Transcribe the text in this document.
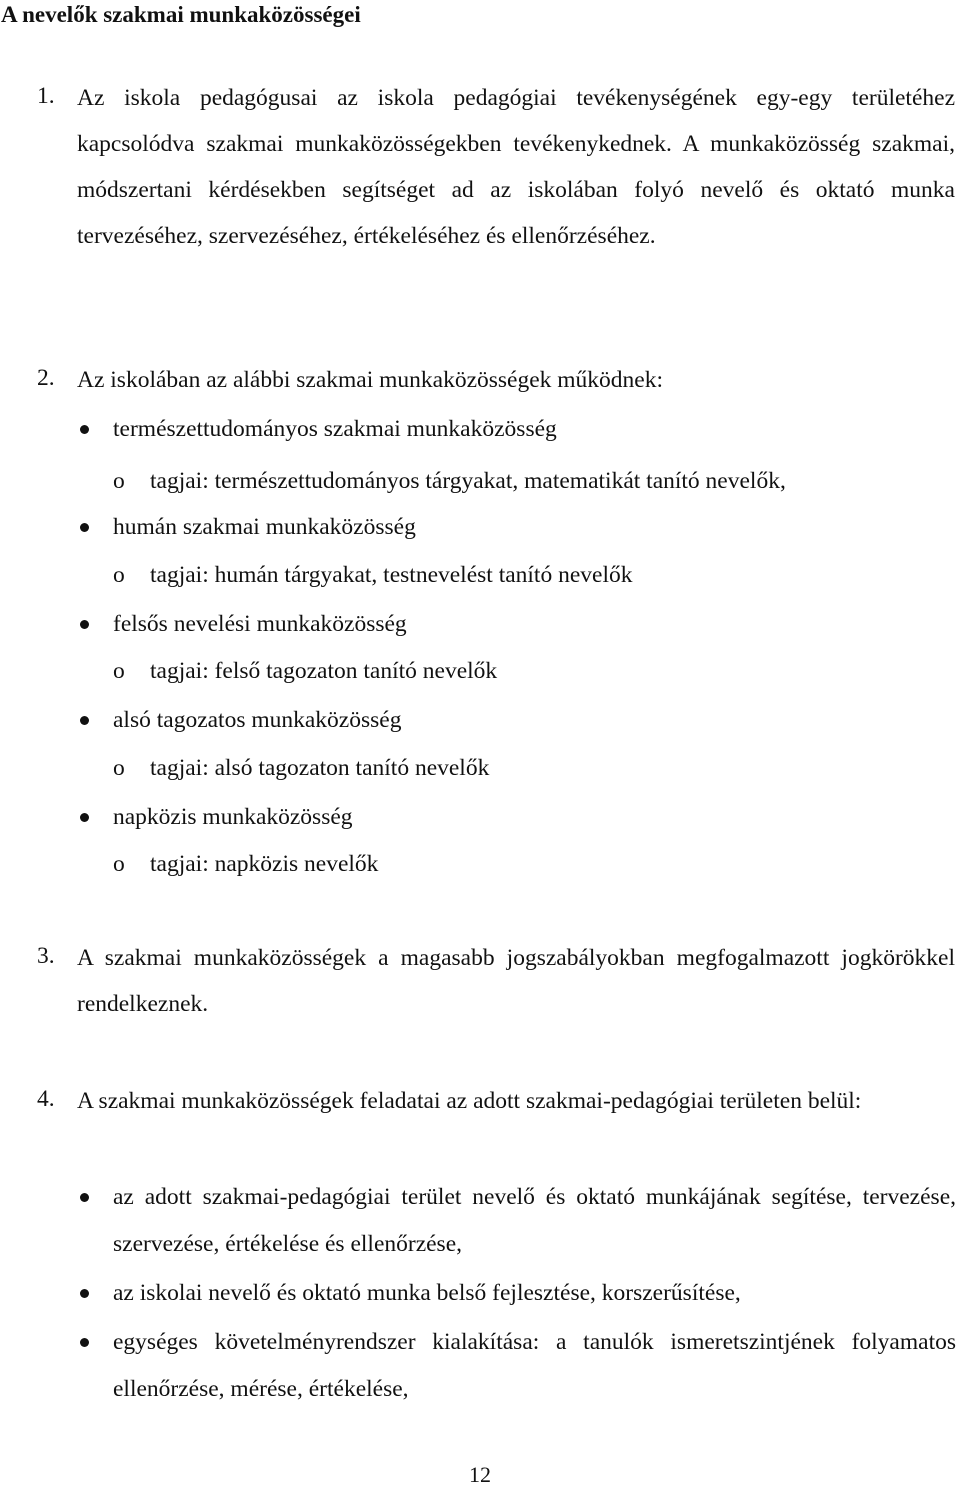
A nevelők szakmai munkaközösségei
1. Az iskola pedagógusai az iskola pedagógiai tevékenységének egy-egy területéhez kapcsolódva szakmai munkaközösségekben tevékenykednek. A munkaközösség szakmai, módszertani kérdésekben segítséget ad az iskolában folyó nevelő és oktató munka tervezéséhez, szervezéséhez, értékeléséhez és ellenőrzéséhez.
2. Az iskolában az alábbi szakmai munkaközösségek működnek:
természettudományos szakmai munkaközösség
o tagjai: természettudományos tárgyakat, matematikát tanító nevelők,
humán szakmai munkaközösség
o tagjai: humán tárgyakat, testnevelést tanító nevelők
felsős nevelési munkaközösség
o tagjai: felső tagozaton tanító nevelők
alsó tagozatos munkaközösség
o tagjai: alsó tagozaton tanító nevelők
napközis munkaközösség
o tagjai: napközis nevelők
3. A szakmai munkaközösségek a magasabb jogszabályokban megfogalmazott jogkörökkel rendelkeznek.
4. A szakmai munkaközösségek feladatai az adott szakmai-pedagógiai területen belül:
az adott szakmai-pedagógiai terület nevelő és oktató munkájának segítése, tervezése, szervezése, értékelése és ellenőrzése,
az iskolai nevelő és oktató munka belső fejlesztése, korszerűsítése,
egységes követelményrendszer kialakítása: a tanulók ismeretszintjének folyamatos ellenőrzése, mérése, értékelése,
12
